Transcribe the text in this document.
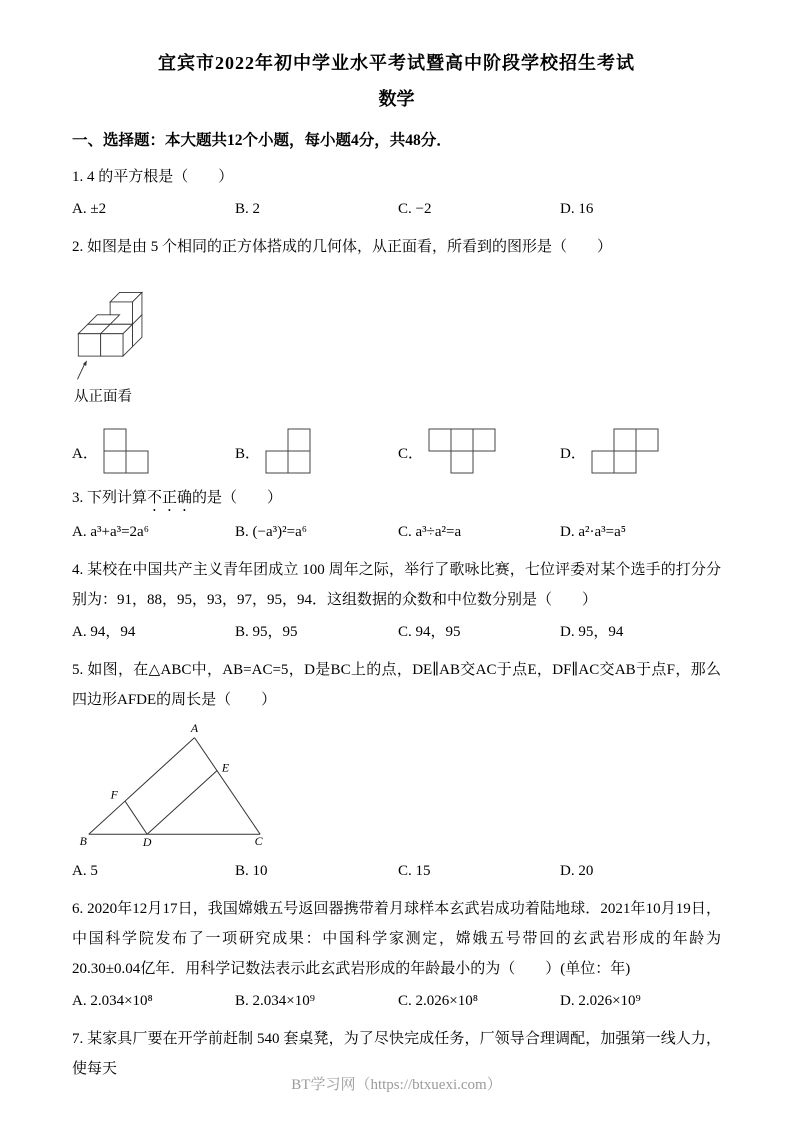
宜宾市2022年初中学业水平考试暨高中阶段学校招生考试
数学
一、选择题：本大题共12个小题，每小题4分，共48分．
1. 4 的平方根是（　　）
A. ±2	B. 2	C. −2	D. 16
2. 如图是由 5 个相同的正方体搭成的几何体，从正面看，所看到的图形是（　　）
从正面看
A．	B．	C．	D．
3. 下列计算不正确的是（　　）
A. a³+a³=2a⁶	B. (−a³)²=a⁶	C. a³÷a²=a	D. a²·a³=a⁵
4. 某校在中国共产主义青年团成立 100 周年之际，举行了歌咏比赛，七位评委对某个选手的打分分别为：91，88，95，93，97，95，94．这组数据的众数和中位数分别是（　　）
A. 94，94	B. 95，95	C. 94，95	D. 95，94
5. 如图，在△ABC中，AB=AC=5，D是BC上的点，DE∥AB交AC于点E，DF∥AC交AB于点F，那么四边形AFDE的周长是（　　）
A
B	C
D
E
F
A. 5	B. 10	C. 15	D. 20
6. 2020年12月17日，我国嫦娥五号返回器携带着月球样本玄武岩成功着陆地球．2021年10月19日，中国科学院发布了一项研究成果：中国科学家测定，嫦娥五号带回的玄武岩形成的年龄为20.30±0.04亿年．用科学记数法表示此玄武岩形成的年龄最小的为（　　）(单位：年)
A. 2.034×10⁸	B. 2.034×10⁹	C. 2.026×10⁸	D. 2.026×10⁹
7. 某家具厂要在开学前赶制 540 套桌凳，为了尽快完成任务，厂领导合理调配，加强第一线人力，使每天
BT学习网（https://btxuexi.com）
